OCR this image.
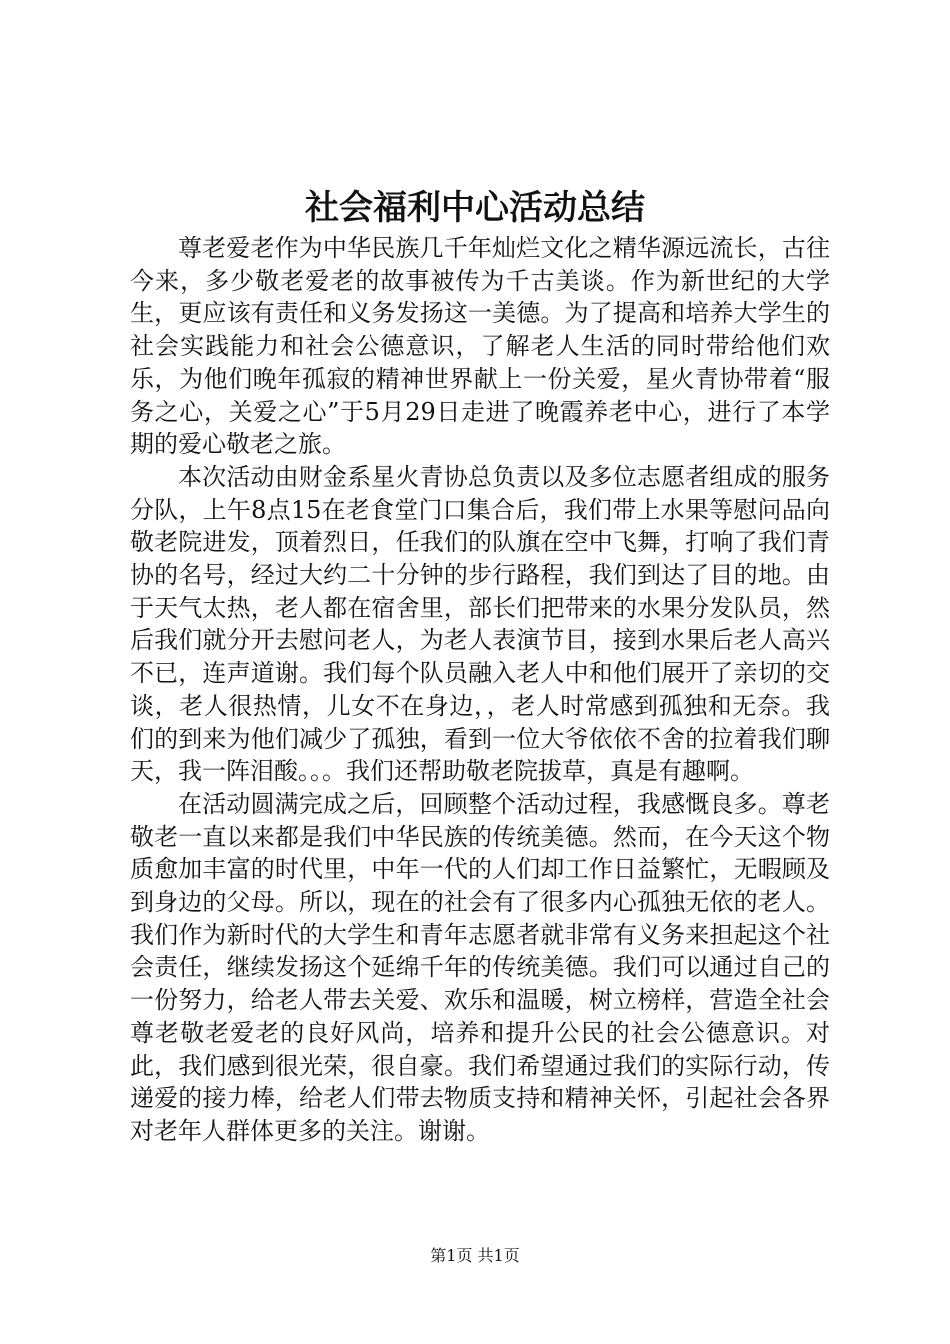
社会福利中心活动总结

尊老爱老作为中华民族几千年灿烂文化之精华源远流长，古往今来，多少敬老爱老的故事被传为千古美谈。作为新世纪的大学生，更应该有责任和义务发扬这一美德。为了提高和培养大学生的社会实践能力和社会公德意识，了解老人生活的同时带给他们欢乐，为他们晚年孤寂的精神世界献上一份关爱，星火青协带着“服务之心，关爱之心”于5月29日走进了晚霞养老中心，进行了本学期的爱心敬老之旅。

本次活动由财金系星火青协总负责以及多位志愿者组成的服务分队，上午8点15在老食堂门口集合后，我们带上水果等慰问品向敬老院进发，顶着烈日，任我们的队旗在空中飞舞，打响了我们青协的名号，经过大约二十分钟的步行路程，我们到达了目的地。由于天气太热，老人都在宿舍里，部长们把带来的水果分发队员，然后我们就分开去慰问老人，为老人表演节目，接到水果后老人高兴不已，连声道谢。我们每个队员融入老人中和他们展开了亲切的交谈，老人很热情，儿女不在身边，，老人时常感到孤独和无奈。我们的到来为他们减少了孤独，看到一位大爷依依不舍的拉着我们聊天，我一阵泪酸。。。我们还帮助敬老院拔草，真是有趣啊。

在活动圆满完成之后，回顾整个活动过程，我感慨良多。尊老敬老一直以来都是我们中华民族的传统美德。然而，在今天这个物质愈加丰富的时代里，中年一代的人们却工作日益繁忙，无暇顾及到身边的父母。所以，现在的社会有了很多内心孤独无依的老人。我们作为新时代的大学生和青年志愿者就非常有义务来担起这个社会责任，继续发扬这个延绵千年的传统美德。我们可以通过自己的一份努力，给老人带去关爱、欢乐和温暖，树立榜样，营造全社会尊老敬老爱老的良好风尚，培养和提升公民的社会公德意识。对此，我们感到很光荣，很自豪。我们希望通过我们的实际行动，传递爱的接力棒，给老人们带去物质支持和精神关怀，引起社会各界对老年人群体更多的关注。谢谢。

第1页 共1页
